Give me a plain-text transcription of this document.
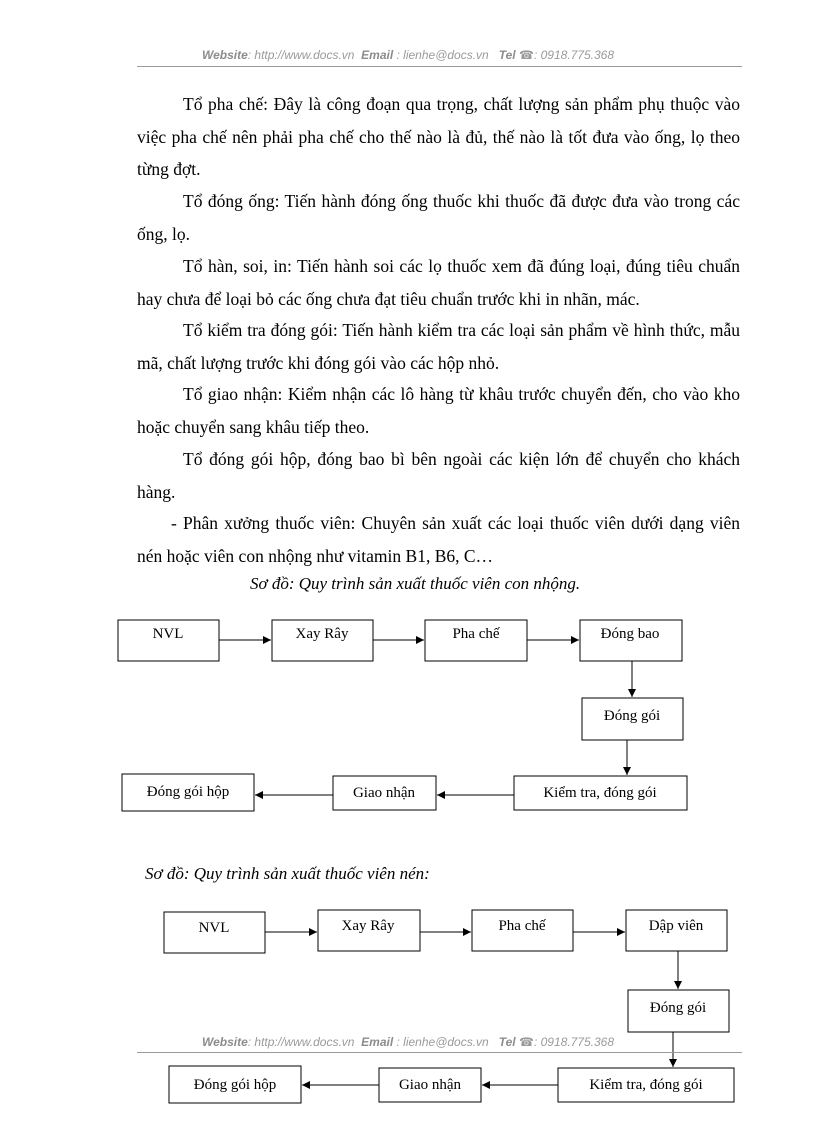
Website: http://www.docs.vn Email : lienhe@docs.vn Tel ☎: 0918.775.368

Tổ pha chế: Đây là công đoạn qua trọng, chất lượng sản phẩm phụ thuộc vào việc pha chế nên phải pha chế cho thế nào là đủ, thế nào là tốt đưa vào ống, lọ theo từng đợt.

Tổ đóng ống: Tiến hành đóng ống thuốc khi thuốc đã được đưa vào trong các ống, lọ.

Tổ hàn, soi, in: Tiến hành soi các lọ thuốc xem đã đúng loại, đúng tiêu chuẩn hay chưa để loại bỏ các ống chưa đạt tiêu chuẩn trước khi in nhãn, mác.

Tổ kiểm tra đóng gói: Tiến hành kiểm tra các loại sản phẩm về hình thức, mẫu mã, chất lượng trước khi đóng gói vào các hộp nhỏ.

Tổ giao nhận: Kiểm nhận các lô hàng từ khâu trước chuyển đến, cho vào kho hoặc chuyển sang khâu tiếp theo.

Tổ đóng gói hộp, đóng bao bì bên ngoài các kiện lớn để chuyển cho khách hàng.

- Phân xưởng thuốc viên: Chuyên sản xuất các loại thuốc viên dưới dạng viên nén hoặc viên con nhộng như vitamin B1, B6, C…

Sơ đồ: Quy trình sản xuất thuốc viên con nhộng.
Sơ đồ: Quy trình sản xuất thuốc viên nén:
NVL	Xay Rây	Pha chế	Đóng bao
Đóng gói
Kiểm tra, đóng gói
Giao nhận
Đóng gói hộp
NVL	Xay Rây	Pha chế	Dập viên
Đóng gói
Kiểm tra, đóng gói
Giao nhận
Đóng gói hộp
Website: http://www.docs.vn Email : lienhe@docs.vn Tel ☎: 0918.775.368
